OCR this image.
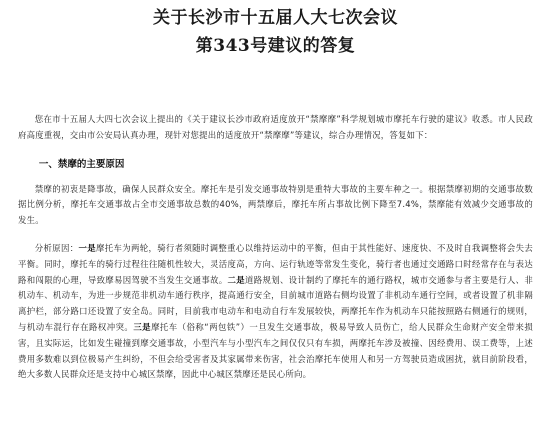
关于长沙市十五届人大七次会议
第343号建议的答复

您在市十五届人大四七次会议上提出的《关于建议长沙市政府适度放开“禁摩摩”科学规划城市摩托车行驶的建议》收悉。市人民政府高度重视，交由市公安局认真办理，现针对您提出的适度放开“禁摩摩”等建议，综合办理情况，答复如下：

一、禁摩的主要原因

禁摩的初衷是降事故，确保人民群众安全。摩托车是引发交通事故特别是重特大事故的主要车种之一。根据禁摩初期的交通事故数据比例分析，摩托车交通事故占全市交通事故总数的40%，两禁摩后，摩托车所占事故比例下降至7.4%，禁摩能有效减少交通事故的发生。

分析原因：一是摩托车为两轮，骑行者须随时调整重心以维持运动中的平衡，但由于其性能好、速度快、不及时自我调整将会失去平衡。同时，摩托车的骑行过程往往随机性较大，灵活度高，方向、运行轨迹等常发生变化，骑行者也通过交通路口时经常存在与表达路和闯限的心理，导致摩易因驾驶不当发生交通事故。二是道路规划、设计制约了摩托车的通行路权，城市交通参与者主要是行人、非机动车、机动车，为进一步规范非机动车通行秩序，提高通行安全，目前城市道路右侧均设置了非机动车通行空间，或者设置了机非隔离护栏，部分路口还设置了安全岛。同时，目前我市电动车和电动自行车发展较快，两摩托车作为机动车只能按照路右侧通行的规则，与机动车混行存在路权冲突。三是摩托车（俗称“两包铁”）一旦发生交通事故，极易导致人员伤亡，给人民群众生命财产安全带来损害，且实际运，比如发生碰撞到摩交通事故，小型汽车与小型汽车之间仅仅只有车损，两摩托车涉及被撞、因经费用、误工费等，上述费用多数难以到位极易产生纠纷，不但会给受害者及其家属带来伤害，社会治摩托车使用人和另一方驾驶员造成困扰，就目前阶段看，绝大多数人民群众还是支持中心城区禁摩，因此中心城区禁摩还是民心所向。
